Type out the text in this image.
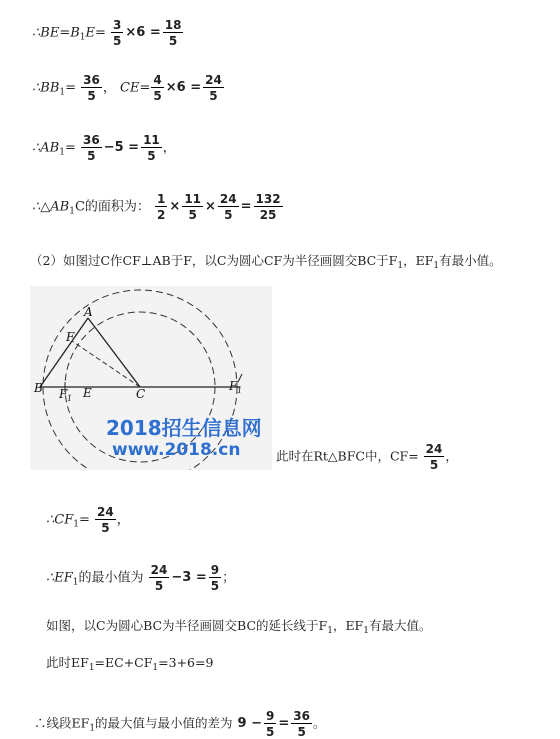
$\therefore BE=B_1E= \frac{3}{5} \times 6 = \frac{18}{5}$
$\therefore BB_1= \frac{36}{5}$ ， $CE= \frac{4}{5} \times 6 = \frac{24}{5}$
$\therefore AB_1= \frac{36}{5} -5 = \frac{11}{5}$ ，
$\therefore\triangle AB_1C$的面积为： $\frac{1}{2} \times \frac{11}{5} \times \frac{24}{5} = \frac{132}{25}$
（2）如图过C作CF⊥AB于F，以C为圆心CF为半径画圆交BC于$F_1$，$EF_1$有最小值。
A
F
B F 1 E	C
F 1
2018招生信息网
www.2018.cn	此时在Rt△BFC中，$CF= \frac{24}{5}$ ，
$\therefore CF_1= \frac{24}{5}$ ，
$\therefore EF_1$的最小值为 $\frac{24}{5} -3 = \frac{9}{5}$ ；
如图，以C为圆心BC为半径画圆交BC的延长线于$F_1$，$EF_1$有最大值。
此时$EF_1=EC+CF_1=3+6=9$
∴线段$EF_1$的最大值与最小值的差为 $9 - \frac{9}{5} = \frac{36}{5}$ 。
